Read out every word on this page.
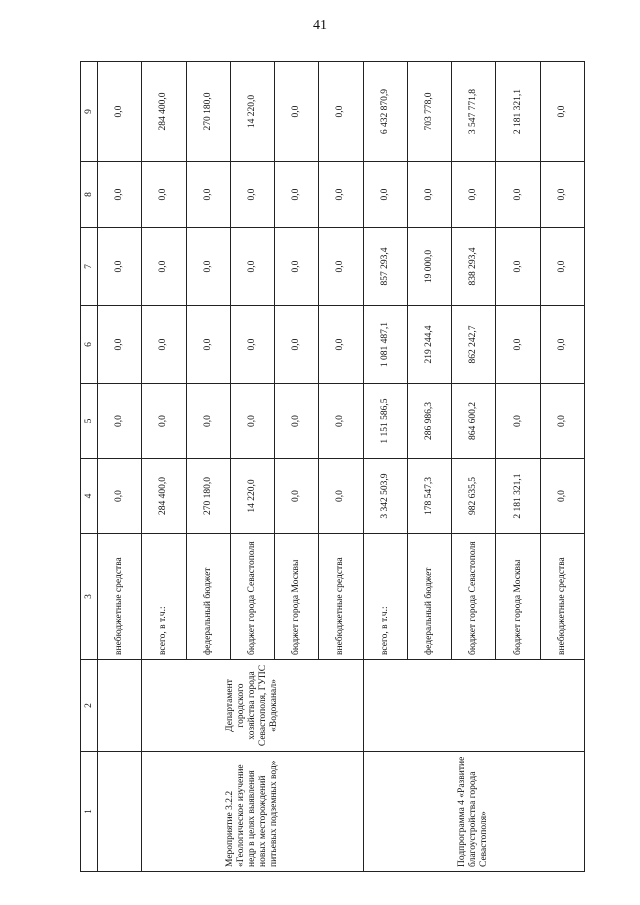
41
1	2	3	4	5	6	7	8	9
		внебюджетные средства	0,0	0,0	0,0	0,0	0,0	0,0
Мероприятие 3.2.2 «Геологическое изучение недр в целях выявления новых месторождений питьевых подземных вод»	Департамент городского хозяйства города Севастополя, ГУПС «Водоканал»	всего, в т.ч.:	284 400,0	0,0	0,0	0,0	0,0	284 400,0
		федеральный бюджет	270 180,0	0,0	0,0	0,0	0,0	270 180,0
		бюджет города Севастополя	14 220,0	0,0	0,0	0,0	0,0	14 220,0
		бюджет города Москвы	0,0	0,0	0,0	0,0	0,0	0,0
		внебюджетные средства	0,0	0,0	0,0	0,0	0,0	0,0
Подпрограмма 4 «Развитие благоустройства города Севастополя»		всего, в т.ч.:	3 342 503,9	1 151 586,5	1 081 487,1	857 293,4	0,0	6 432 870,9
		федеральный бюджет	178 547,3	286 986,3	219 244,4	19 000,0	0,0	703 778,0
		бюджет города Севастополя	982 635,5	864 600,2	862 242,7	838 293,4	0,0	3 547 771,8
		бюджет города Москвы	2 181 321,1	0,0	0,0	0,0	0,0	2 181 321,1
		внебюджетные средства	0,0	0,0	0,0	0,0	0,0	0,0
